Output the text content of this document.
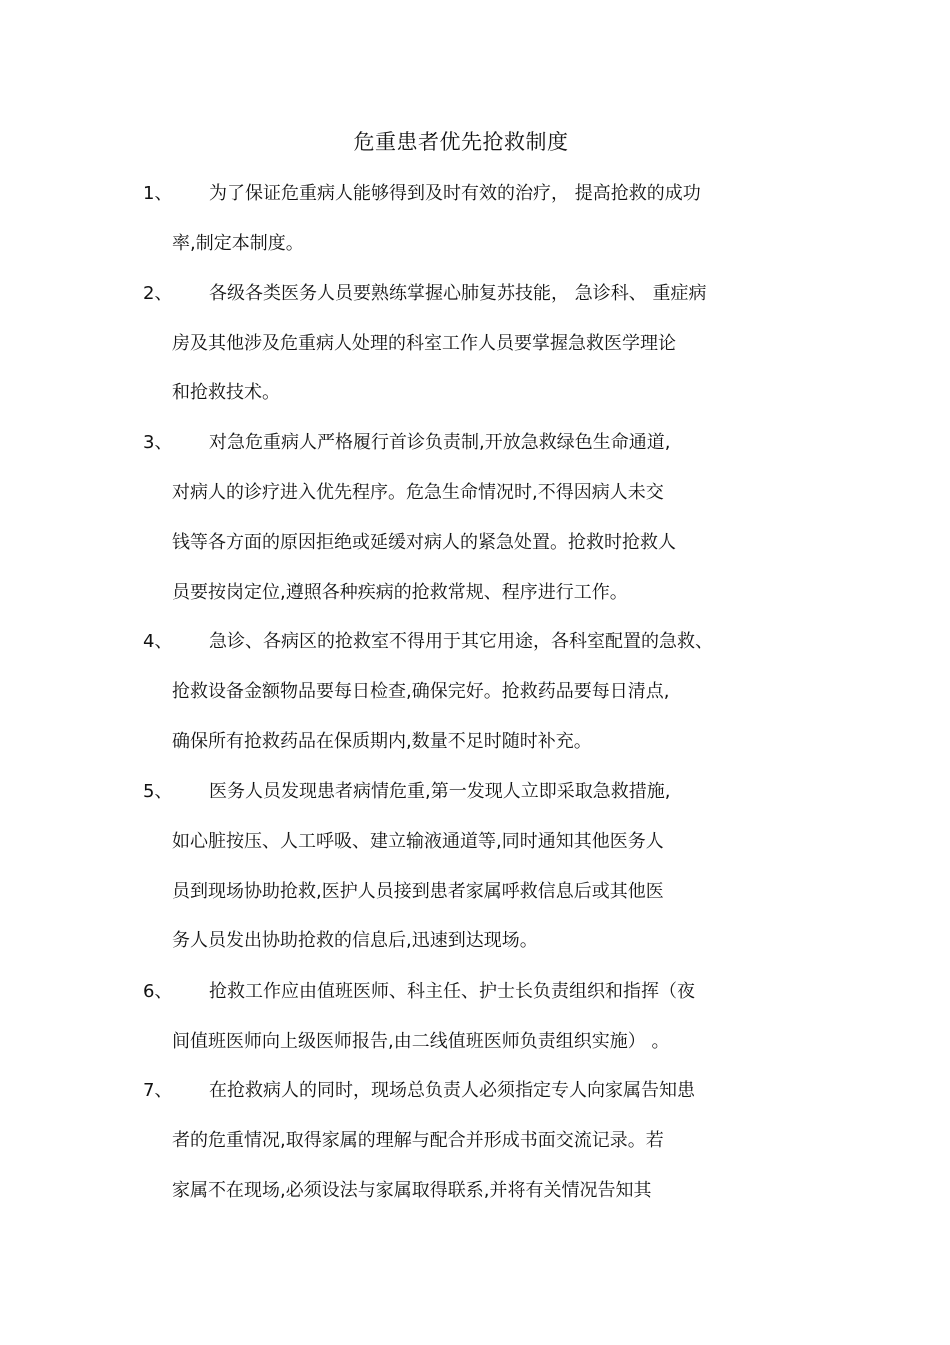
危重患者优先抢救制度
1、 为了保证危重病人能够得到及时有效的治疗， 提高抢救的成功
率,制定本制度。
2、 各级各类医务人员要熟练掌握心肺复苏技能， 急诊科、 重症病
房及其他涉及危重病人处理的科室工作人员要掌握急救医学理论
和抢救技术。
3、 对急危重病人严格履行首诊负责制,开放急救绿色生命通道,
对病人的诊疗进入优先程序。危急生命情况时,不得因病人未交
钱等各方面的原因拒绝或延缓对病人的紧急处置。抢救时抢救人
员要按岗定位,遵照各种疾病的抢救常规、程序进行工作。
4、 急诊、各病区的抢救室不得用于其它用途，各科室配置的急救、
抢救设备金额物品要每日检查,确保完好。抢救药品要每日清点,
确保所有抢救药品在保质期内,数量不足时随时补充。
5、 医务人员发现患者病情危重,第一发现人立即采取急救措施,
如心脏按压、人工呼吸、建立输液通道等,同时通知其他医务人
员到现场协助抢救,医护人员接到患者家属呼救信息后或其他医
务人员发出协助抢救的信息后,迅速到达现场。
6、 抢救工作应由值班医师、科主任、护士长负责组织和指挥（夜
间值班医师向上级医师报告,由二线值班医师负责组织实施） 。
7、 在抢救病人的同时，现场总负责人必须指定专人向家属告知患
者的危重情况,取得家属的理解与配合并形成书面交流记录。若
家属不在现场,必须设法与家属取得联系,并将有关情况告知其
